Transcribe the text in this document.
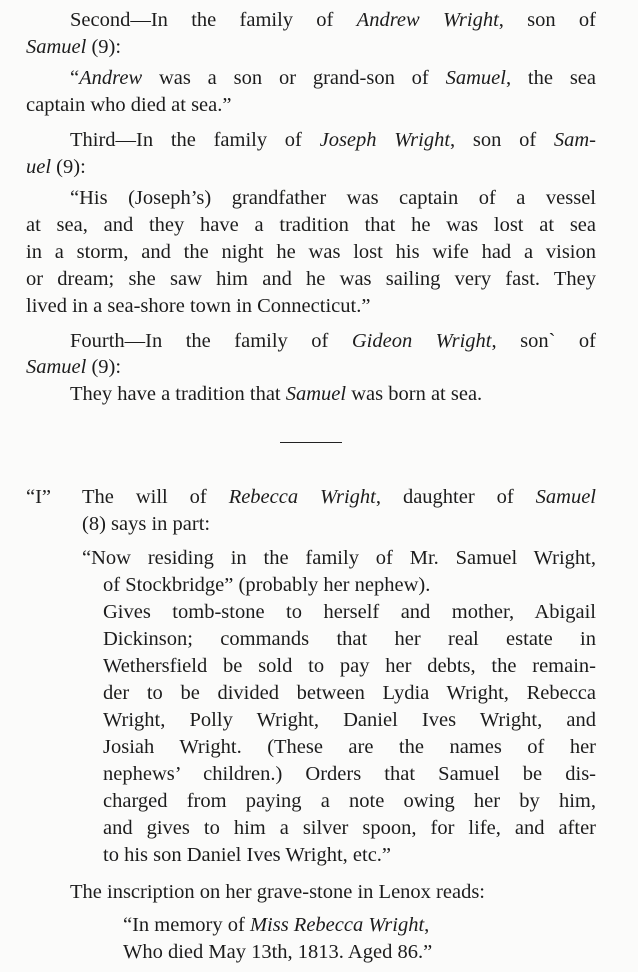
Second—In the family of Andrew Wright, son of
Samuel (9):
“Andrew was a son or grand-son of Samuel, the sea
captain who died at sea.”
Third—In the family of Joseph Wright, son of Sam-
uel (9):
“His (Joseph’s) grandfather was captain of a vessel
at sea, and they have a tradition that he was lost at sea
in a storm, and the night he was lost his wife had a vision
or dream; she saw him and he was sailing very fast. They
lived in a sea-shore town in Connecticut.”
Fourth—In the family of Gideon Wright, son` of
Samuel (9):
They have a tradition that Samuel was born at sea.
“I” The will of Rebecca Wright, daughter of Samuel
(8) says in part:
“Now residing in the family of Mr. Samuel Wright,
of Stockbridge” (probably her nephew).
Gives tomb-stone to herself and mother, Abigail
Dickinson; commands that her real estate in
Wethersfield be sold to pay her debts, the remain-
der to be divided between Lydia Wright, Rebecca
Wright, Polly Wright, Daniel Ives Wright, and
Josiah Wright. (These are the names of her
nephews’ children.) Orders that Samuel be dis-
charged from paying a note owing her by him,
and gives to him a silver spoon, for life, and after
to his son Daniel Ives Wright, etc.”
The inscription on her grave-stone in Lenox reads:
“In memory of Miss Rebecca Wright,
Who died May 13th, 1813. Aged 86.”
